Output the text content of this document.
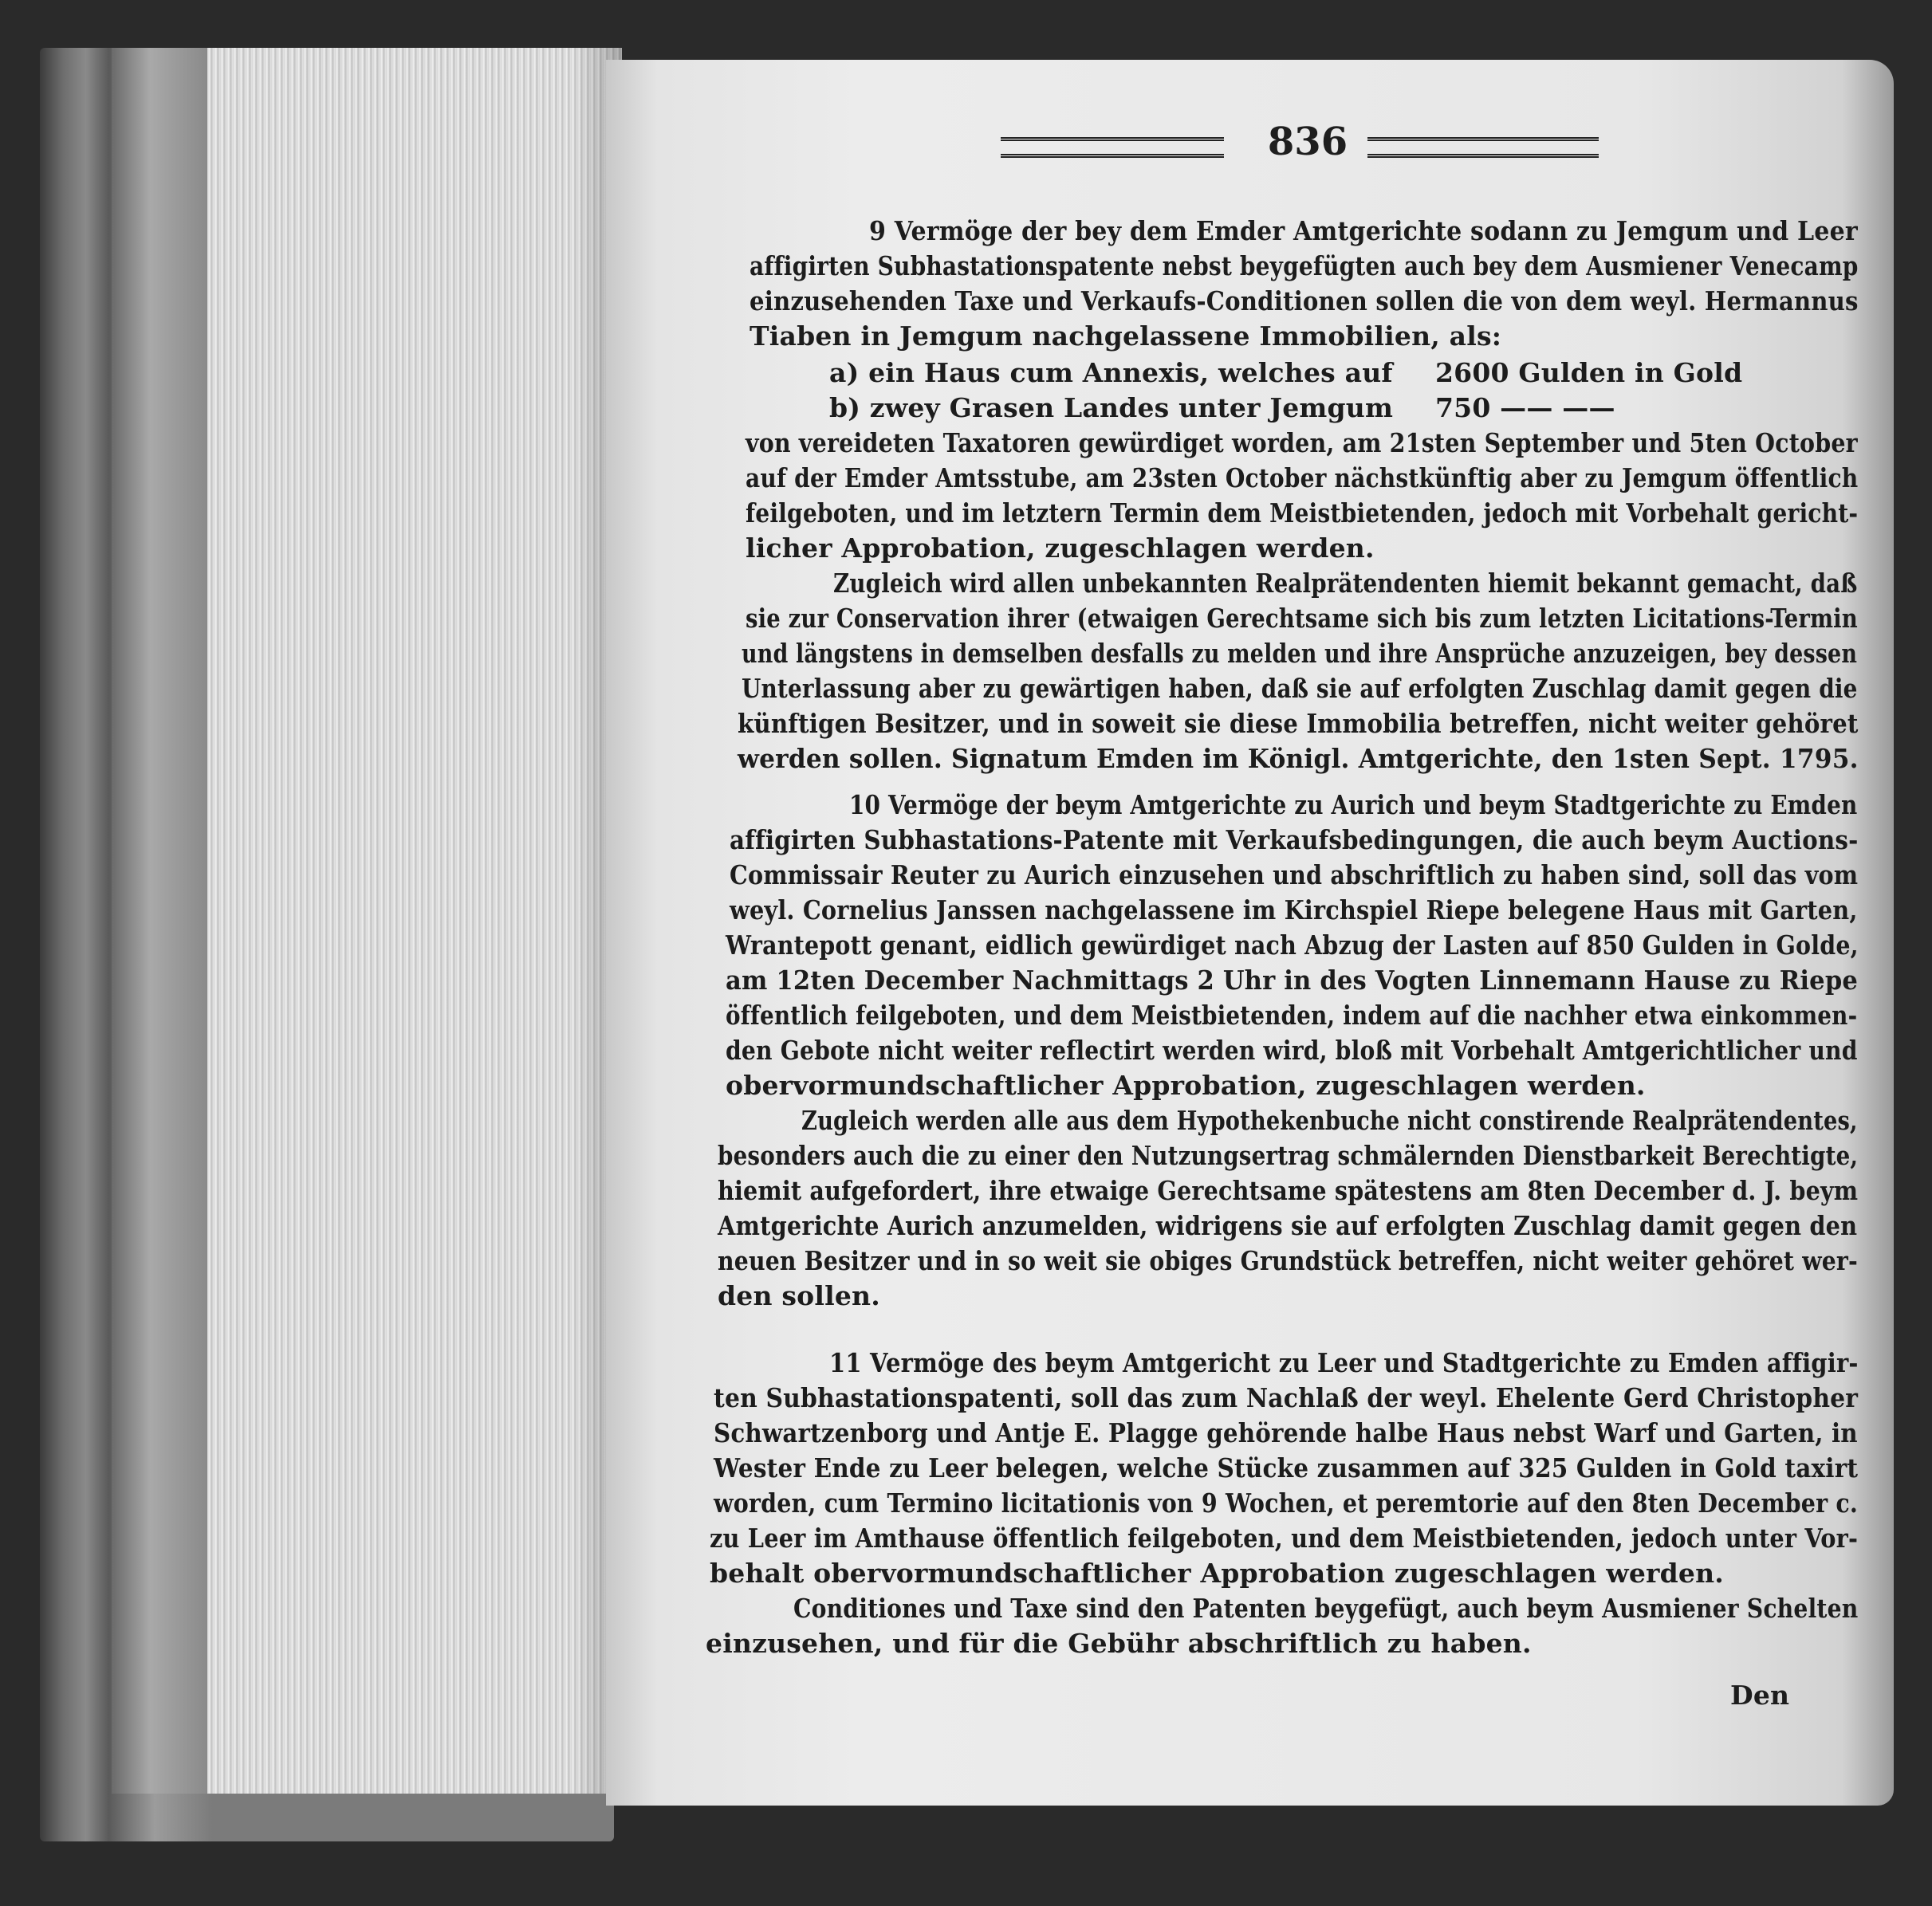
836
9 Vermöge der bey dem Emder Amtgerichte sodann zu Jemgum und Leer
affigirten Subhastationspatente nebst beygefügten auch bey dem Ausmiener Venecamp
einzusehenden Taxe und Verkaufs-Conditionen sollen die von dem weyl. Hermannus
Tiaben in Jemgum nachgelassene Immobilien, als:
a) ein Haus cum Annexis, welches auf 2600 Gulden in Gold
b) zwey Grasen Landes unter Jemgum 750 —— ——
von vereideten Taxatoren gewürdiget worden, am 21sten September und 5ten October
auf der Emder Amtsstube, am 23sten October nächstkünftig aber zu Jemgum öffentlich
feilgeboten, und im letztern Termin dem Meistbietenden, jedoch mit Vorbehalt gericht-
licher Approbation, zugeschlagen werden.
Zugleich wird allen unbekannten Realprätendenten hiemit bekannt gemacht, daß
sie zur Conservation ihrer (etwaigen Gerechtsame sich bis zum letzten Licitations-Termin
und längstens in demselben desfalls zu melden und ihre Ansprüche anzuzeigen, bey dessen
Unterlassung aber zu gewärtigen haben, daß sie auf erfolgten Zuschlag damit gegen die
künftigen Besitzer, und in soweit sie diese Immobilia betreffen, nicht weiter gehöret
werden sollen. Signatum Emden im Königl. Amtgerichte, den 1sten Sept. 1795.
10 Vermöge der beym Amtgerichte zu Aurich und beym Stadtgerichte zu Emden
affigirten Subhastations-Patente mit Verkaufsbedingungen, die auch beym Auctions-
Commissair Reuter zu Aurich einzusehen und abschriftlich zu haben sind, soll das vom
weyl. Cornelius Janssen nachgelassene im Kirchspiel Riepe belegene Haus mit Garten,
Wrantepott genant, eidlich gewürdiget nach Abzug der Lasten auf 850 Gulden in Golde,
am 12ten December Nachmittags 2 Uhr in des Vogten Linnemann Hause zu Riepe
öffentlich feilgeboten, und dem Meistbietenden, indem auf die nachher etwa einkommen-
den Gebote nicht weiter reflectirt werden wird, bloß mit Vorbehalt Amtgerichtlicher und
obervormundschaftlicher Approbation, zugeschlagen werden.
Zugleich werden alle aus dem Hypothekenbuche nicht constirende Realprätendentes,
besonders auch die zu einer den Nutzungsertrag schmälernden Dienstbarkeit Berechtigte,
hiemit aufgefordert, ihre etwaige Gerechtsame spätestens am 8ten December d. J. beym
Amtgerichte Aurich anzumelden, widrigens sie auf erfolgten Zuschlag damit gegen den
neuen Besitzer und in so weit sie obiges Grundstück betreffen, nicht weiter gehöret wer-
den sollen.
11 Vermöge des beym Amtgericht zu Leer und Stadtgerichte zu Emden affigir-
ten Subhastationspatenti, soll das zum Nachlaß der weyl. Ehelente Gerd Christopher
Schwartzenborg und Antje E. Plagge gehörende halbe Haus nebst Warf und Garten, in
Wester Ende zu Leer belegen, welche Stücke zusammen auf 325 Gulden in Gold taxirt
worden, cum Termino licitationis von 9 Wochen, et peremtorie auf den 8ten December c.
zu Leer im Amthause öffentlich feilgeboten, und dem Meistbietenden, jedoch unter Vor-
behalt obervormundschaftlicher Approbation zugeschlagen werden.
Conditiones und Taxe sind den Patenten beygefügt, auch beym Ausmiener Schelten
einzusehen, und für die Gebühr abschriftlich zu haben.
Den
